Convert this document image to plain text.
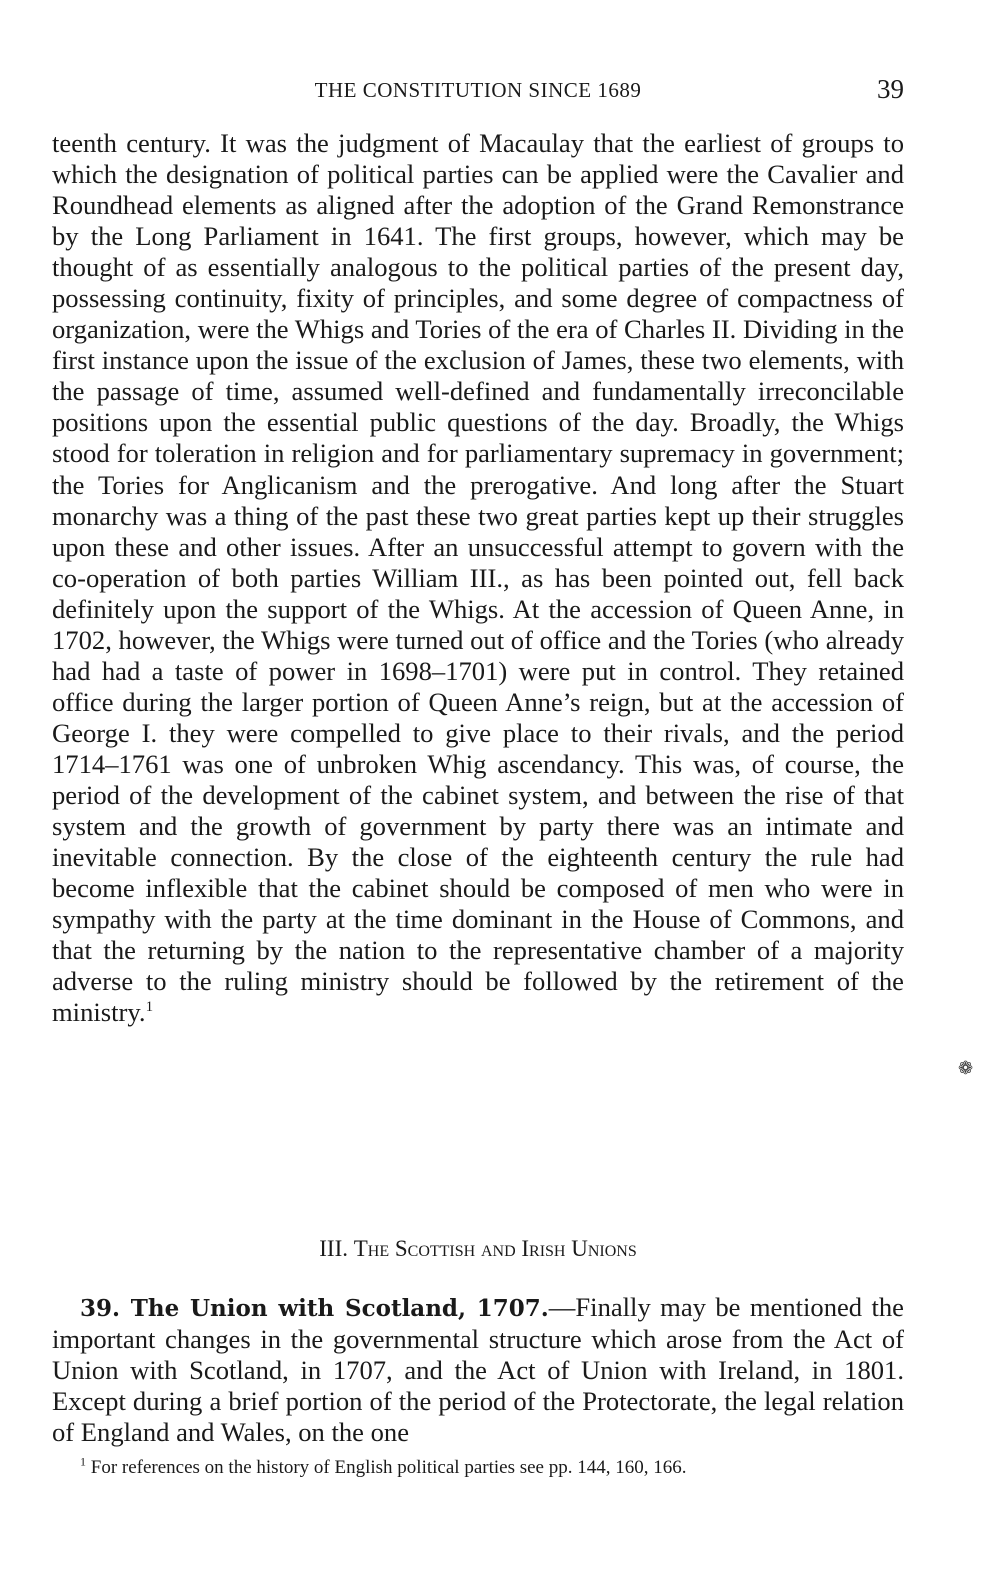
THE CONSTITUTION SINCE 1689	39

teenth century. It was the judgment of Macaulay that the earliest of groups to which the designation of political parties can be applied were the Cavalier and Roundhead elements as aligned after the adoption of the Grand Remonstrance by the Long Parliament in 1641. The first groups, however, which may be thought of as essentially analogous to the political parties of the present day, possessing continuity, fixity of principles, and some degree of compactness of organization, were the Whigs and Tories of the era of Charles II. Dividing in the first instance upon the issue of the exclusion of James, these two elements, with the passage of time, assumed well-defined and fundamentally irreconcilable positions upon the essential public questions of the day. Broadly, the Whigs stood for toleration in religion and for parliamentary supremacy in government; the Tories for Anglicanism and the prerogative. And long after the Stuart monarchy was a thing of the past these two great parties kept up their struggles upon these and other issues. After an unsuccessful attempt to govern with the co-operation of both parties William III., as has been pointed out, fell back definitely upon the support of the Whigs. At the accession of Queen Anne, in 1702, however, the Whigs were turned out of office and the Tories (who already had had a taste of power in 1698–1701) were put in control. They retained office during the larger portion of Queen Anne’s reign, but at the accession of George I. they were compelled to give place to their rivals, and the period 1714–1761 was one of unbroken Whig ascendancy. This was, of course, the period of the development of the cabinet system, and between the rise of that system and the growth of government by party there was an intimate and inevitable connection. By the close of the eighteenth century the rule had become inflexible that the cabinet should be composed of men who were in sympathy with the party at the time dominant in the House of Commons, and that the returning by the nation to the representative chamber of a majority adverse to the ruling ministry should be followed by the retirement of the ministry.$^1$

III. The Scottish and Irish Unions

39. The Union with Scotland, 1707.—Finally may be mentioned the important changes in the governmental structure which arose from the Act of Union with Scotland, in 1707, and the Act of Union with Ireland, in 1801. Except during a brief portion of the period of the Protectorate, the legal relation of England and Wales, on the one

$^1$ For references on the history of English political parties see pp. 144, 160, 166.

❁
